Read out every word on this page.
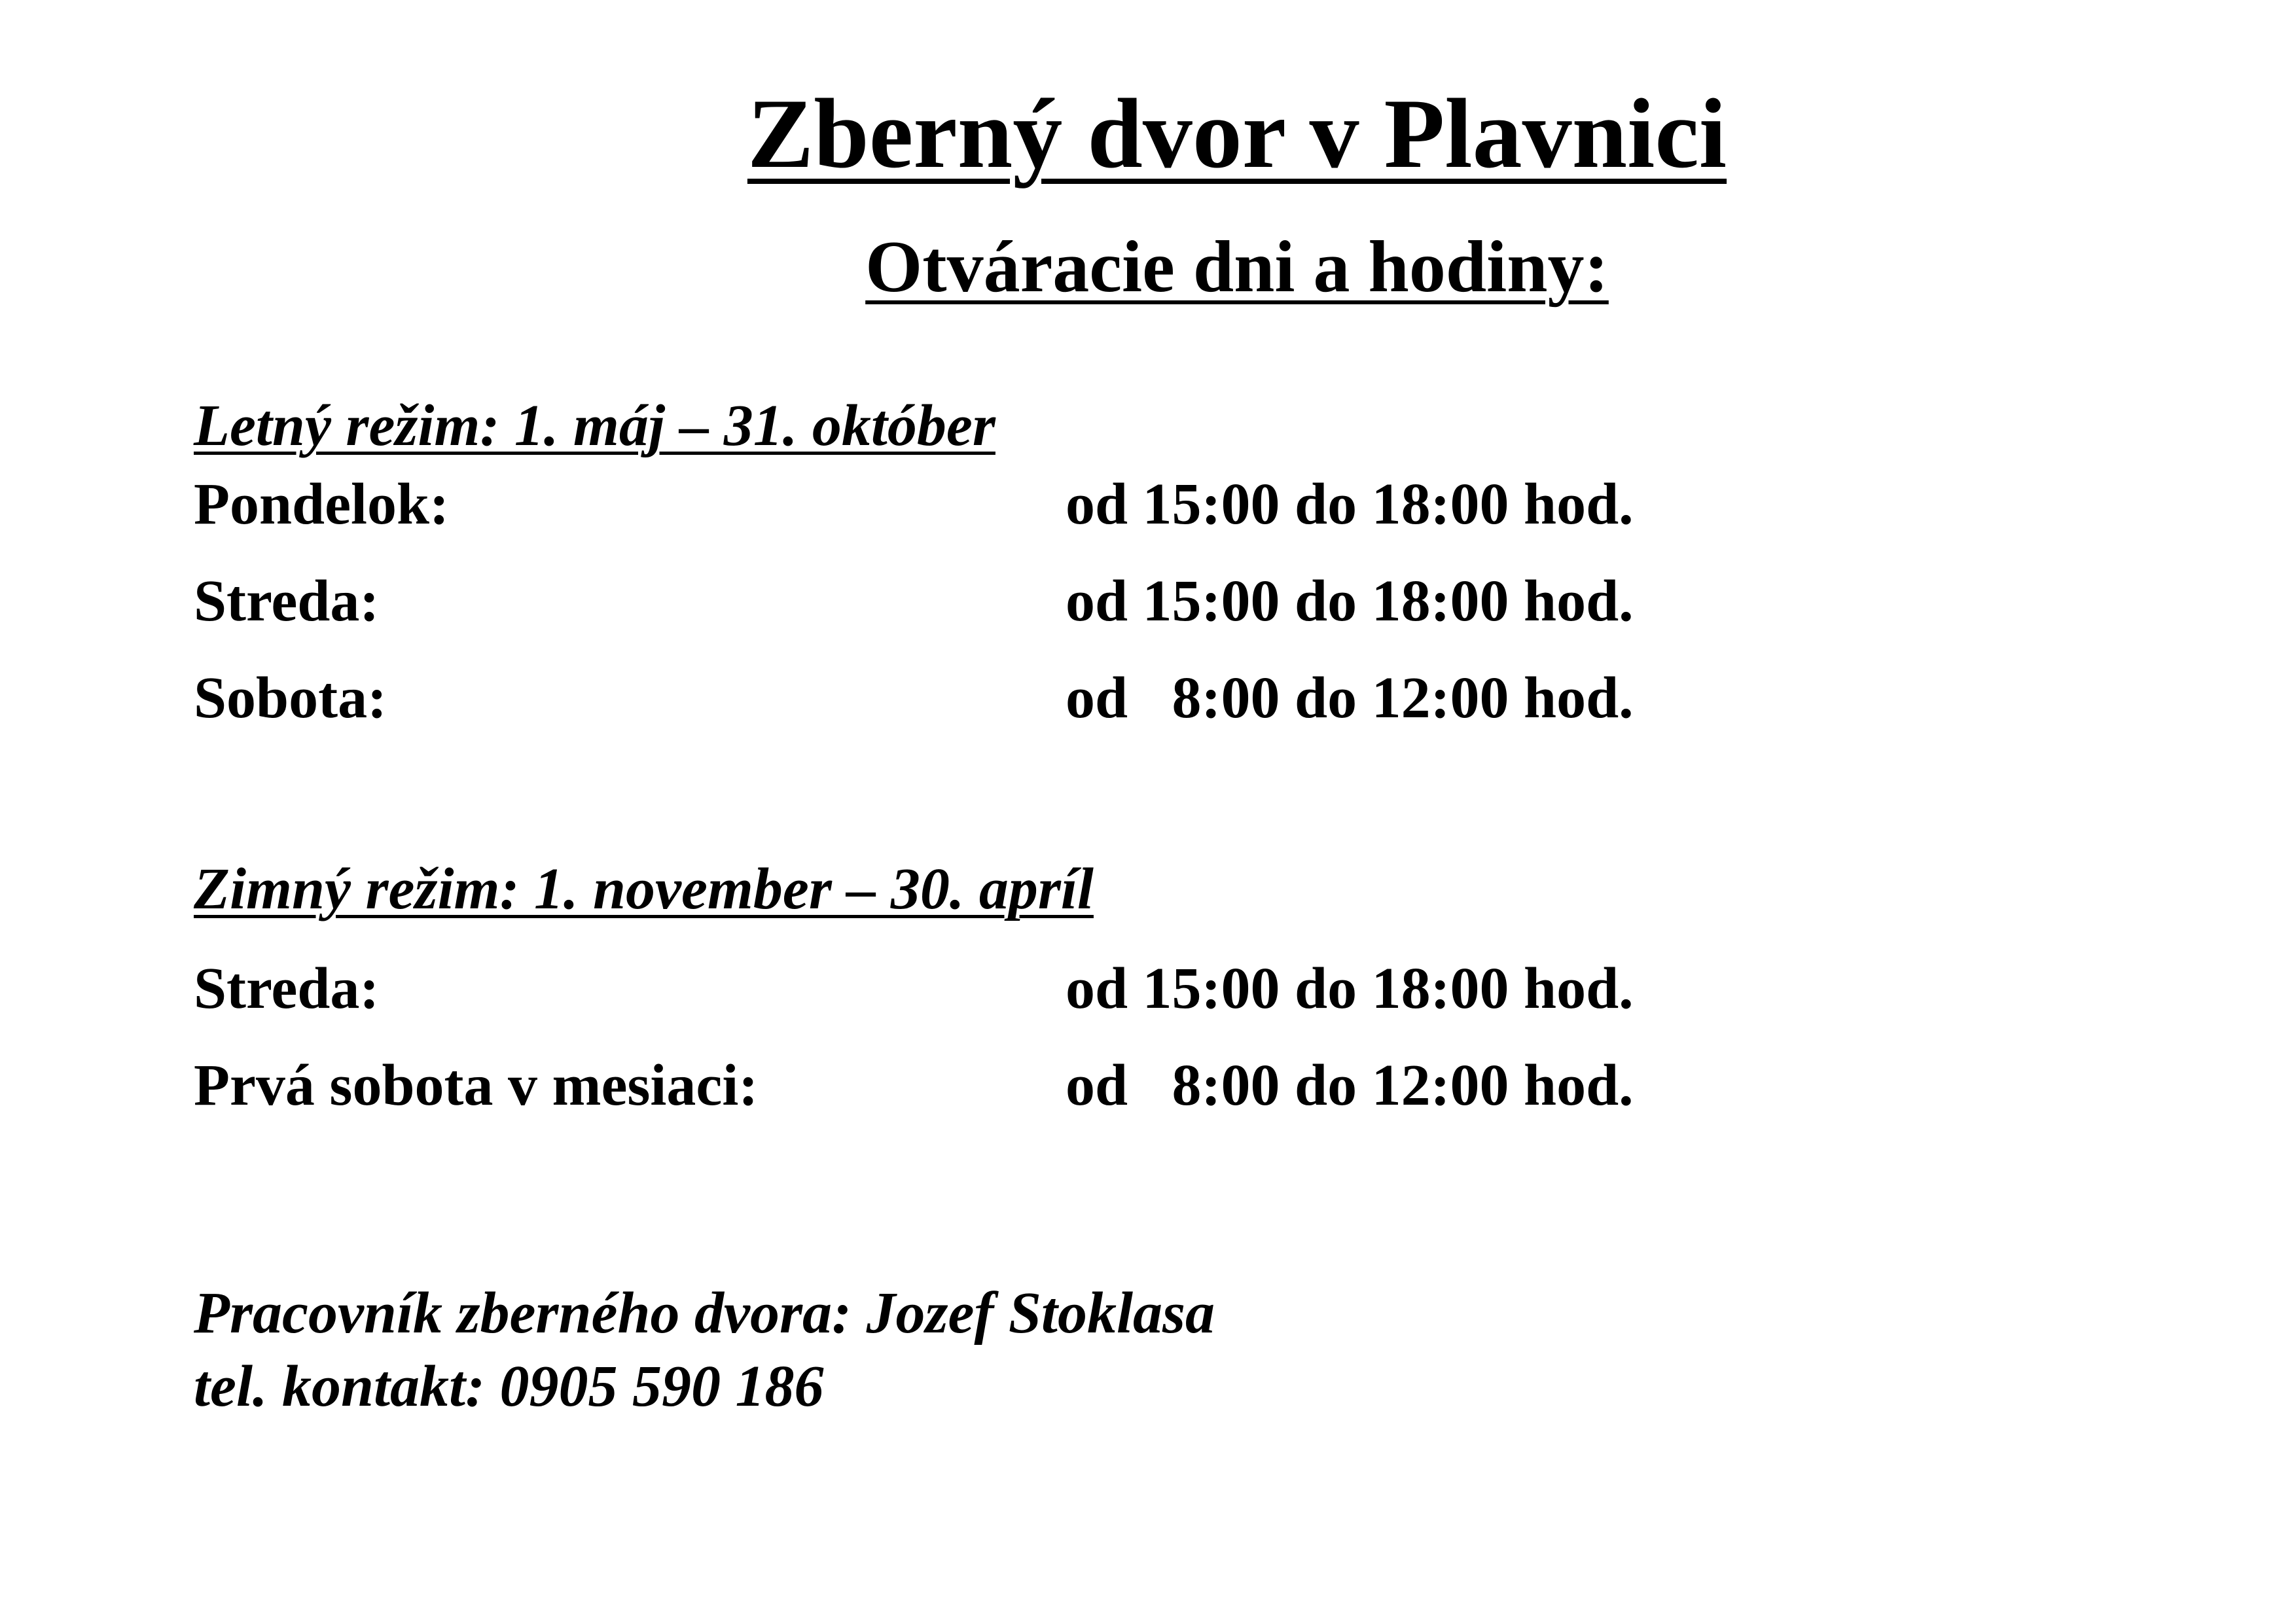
Zberný dvor v Plavnici
Otváracie dni a hodiny:
Letný režim: 1. máj – 31. október

Pondelok:

	od 15:00 do 18:00 hod.

Streda:

	od 15:00 do 18:00 hod.

Sobota:

	od   8:00 do 12:00 hod.

Zimný režim: 1. november – 30. apríl

Streda:

	od 15:00 do 18:00 hod.

Prvá sobota v mesiaci:

	od   8:00 do 12:00 hod.

Pracovník zberného dvora: Jozef Stoklasa

tel. kontakt: 0905 590 186
